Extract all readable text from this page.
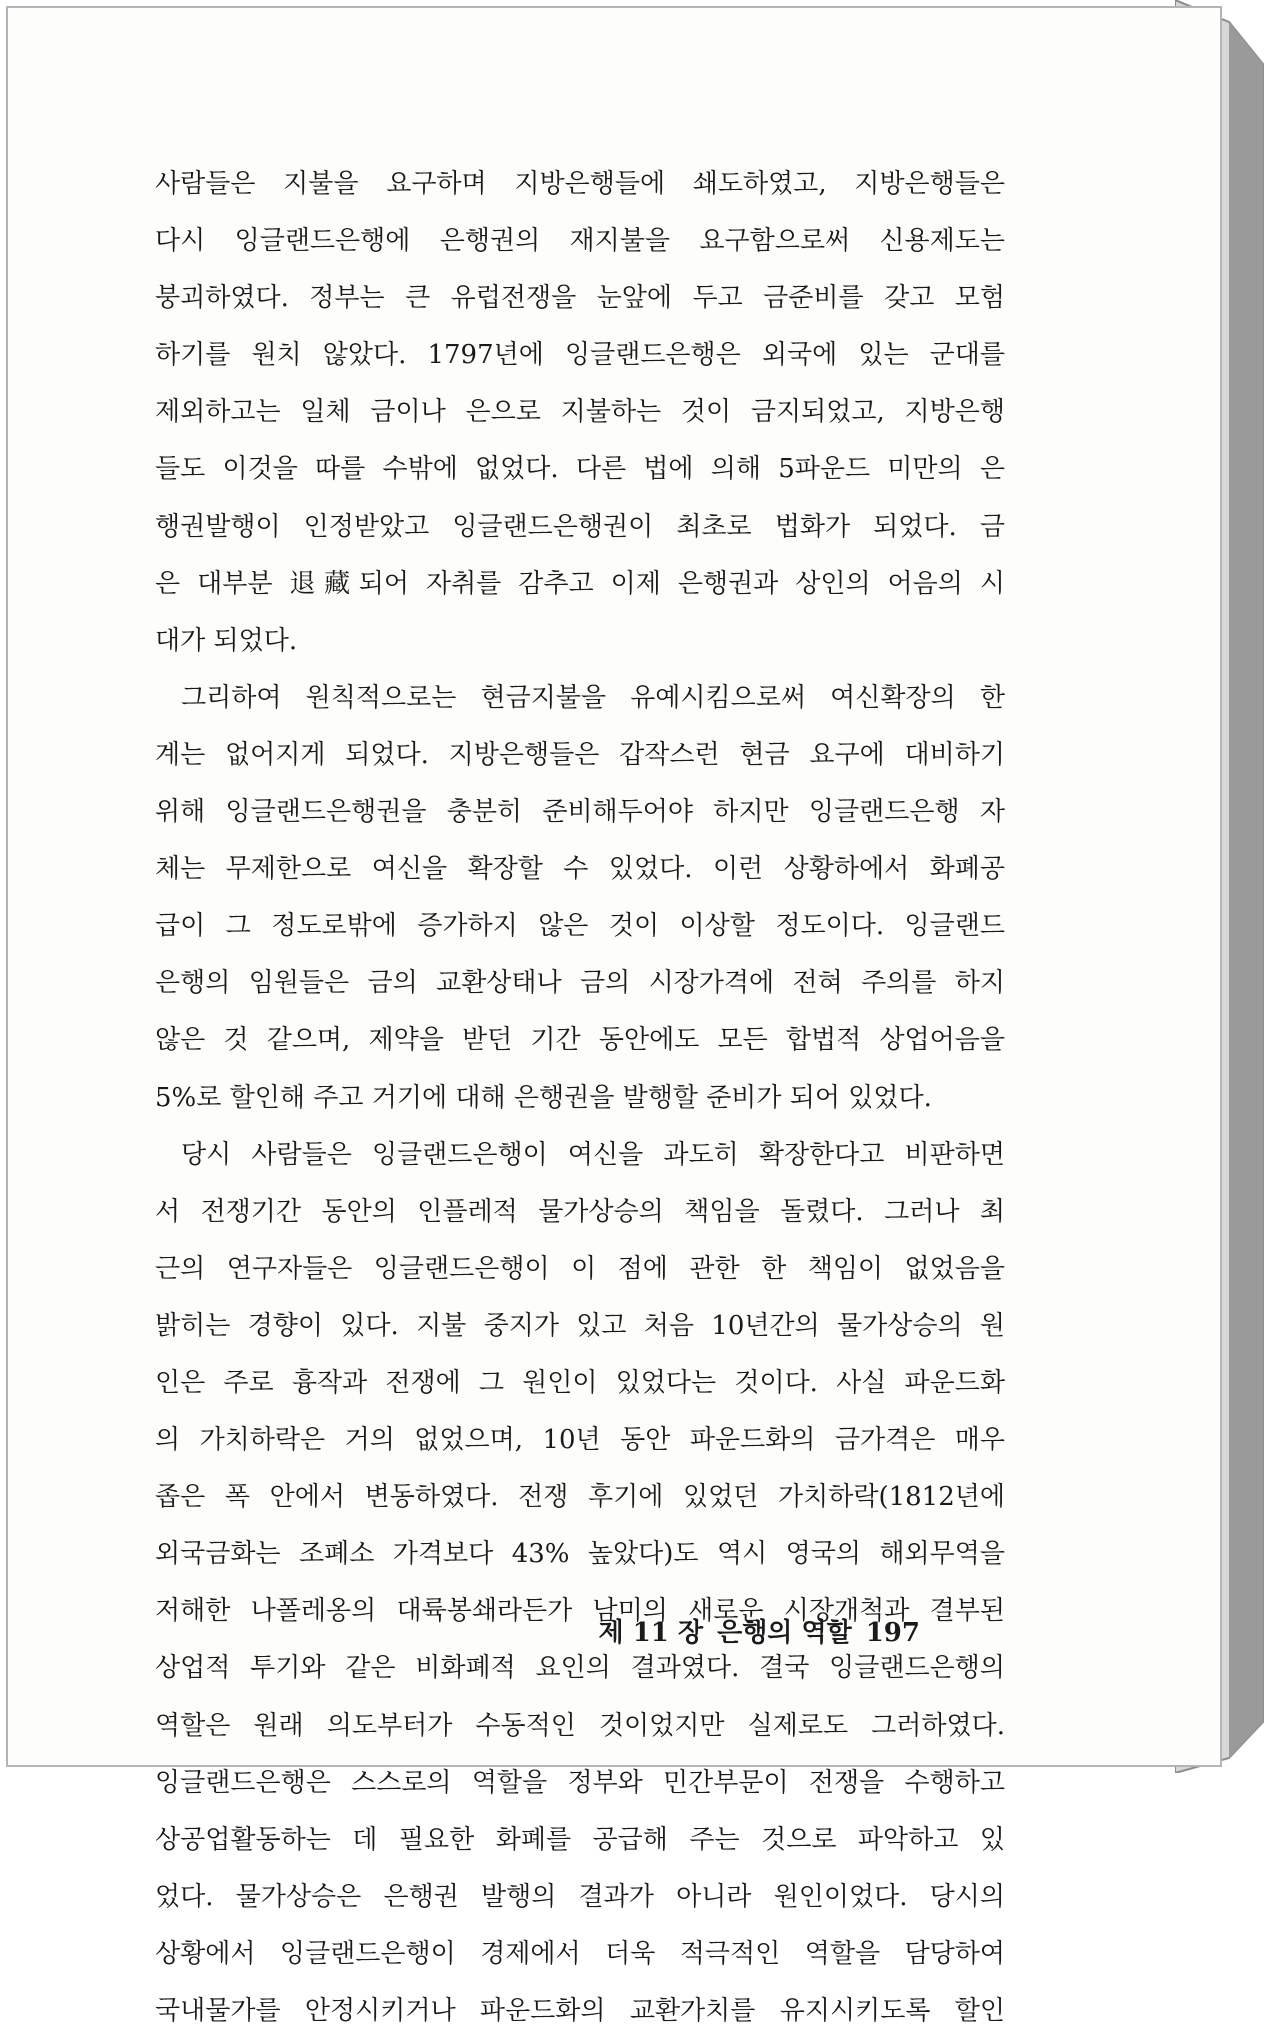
사람들은 지불을 요구하며 지방은행들에 쇄도하였고, 지방은행들은
다시 잉글랜드은행에 은행권의 재지불을 요구함으로써 신용제도는
붕괴하였다. 정부는 큰 유럽전쟁을 눈앞에 두고 금준비를 갖고 모험
하기를 원치 않았다. 1797년에 잉글랜드은행은 외국에 있는 군대를
제외하고는 일체 금이나 은으로 지불하는 것이 금지되었고, 지방은행
들도 이것을 따를 수밖에 없었다. 다른 법에 의해 5파운드 미만의 은
행권발행이 인정받았고 잉글랜드은행권이 최초로 법화가 되었다. 금
은 대부분 退藏되어 자취를 감추고 이제 은행권과 상인의 어음의 시
대가 되었다.
그리하여 원칙적으로는 현금지불을 유예시킴으로써 여신확장의 한
계는 없어지게 되었다. 지방은행들은 갑작스런 현금 요구에 대비하기
위해 잉글랜드은행권을 충분히 준비해두어야 하지만 잉글랜드은행 자
체는 무제한으로 여신을 확장할 수 있었다. 이런 상황하에서 화폐공
급이 그 정도로밖에 증가하지 않은 것이 이상할 정도이다. 잉글랜드
은행의 임원들은 금의 교환상태나 금의 시장가격에 전혀 주의를 하지
않은 것 같으며, 제약을 받던 기간 동안에도 모든 합법적 상업어음을
5%로 할인해 주고 거기에 대해 은행권을 발행할 준비가 되어 있었다.
당시 사람들은 잉글랜드은행이 여신을 과도히 확장한다고 비판하면
서 전쟁기간 동안의 인플레적 물가상승의 책임을 돌렸다. 그러나 최
근의 연구자들은 잉글랜드은행이 이 점에 관한 한 책임이 없었음을
밝히는 경향이 있다. 지불 중지가 있고 처음 10년간의 물가상승의 원
인은 주로 흉작과 전쟁에 그 원인이 있었다는 것이다. 사실 파운드화
의 가치하락은 거의 없었으며, 10년 동안 파운드화의 금가격은 매우
좁은 폭 안에서 변동하였다. 전쟁 후기에 있었던 가치하락(1812년에
외국금화는 조폐소 가격보다 43% 높았다)도 역시 영국의 해외무역을
저해한 나폴레옹의 대륙봉쇄라든가 남미의 새로운 시장개척과 결부된
상업적 투기와 같은 비화폐적 요인의 결과였다. 결국 잉글랜드은행의
역할은 원래 의도부터가 수동적인 것이었지만 실제로도 그러하였다.
잉글랜드은행은 스스로의 역할을 정부와 민간부문이 전쟁을 수행하고
상공업활동하는 데 필요한 화폐를 공급해 주는 것으로 파악하고 있
었다. 물가상승은 은행권 발행의 결과가 아니라 원인이었다. 당시의
상황에서 잉글랜드은행이 경제에서 더욱 적극적인 역할을 담당하여
국내물가를 안정시키거나 파운드화의 교환가치를 유지시키도록 할인
제 11 장 은행의 역할 197
